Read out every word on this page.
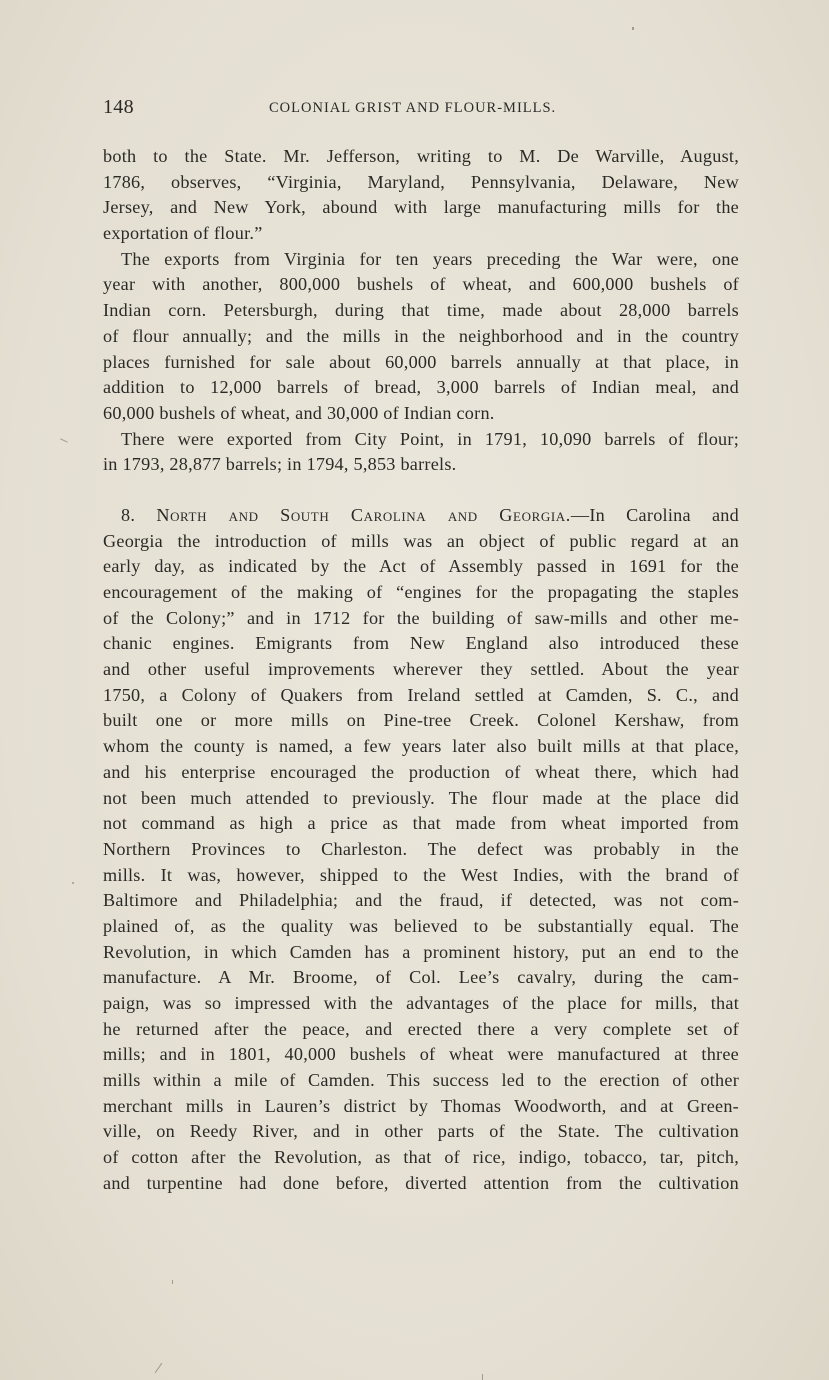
148	COLONIAL GRIST AND FLOUR-MILLS.
both to the State. Mr. Jefferson, writing to M. De Warville, August,
1786, observes, “Virginia, Maryland, Pennsylvania, Delaware, New
Jersey, and New York, abound with large manufacturing mills for the
exportation of flour.”
The exports from Virginia for ten years preceding the War were, one
year with another, 800,000 bushels of wheat, and 600,000 bushels of
Indian corn. Petersburgh, during that time, made about 28,000 barrels
of flour annually; and the mills in the neighborhood and in the country
places furnished for sale about 60,000 barrels annually at that place, in
addition to 12,000 barrels of bread, 3,000 barrels of Indian meal, and
60,000 bushels of wheat, and 30,000 of Indian corn.
There were exported from City Point, in 1791, 10,090 barrels of flour;
in 1793, 28,877 barrels; in 1794, 5,853 barrels.
8. North and South Carolina and Georgia.—In Carolina and
Georgia the introduction of mills was an object of public regard at an
early day, as indicated by the Act of Assembly passed in 1691 for the
encouragement of the making of “engines for the propagating the staples
of the Colony;” and in 1712 for the building of saw-mills and other me-
chanic engines. Emigrants from New England also introduced these
and other useful improvements wherever they settled. About the year
1750, a Colony of Quakers from Ireland settled at Camden, S. C., and
built one or more mills on Pine-tree Creek. Colonel Kershaw, from
whom the county is named, a few years later also built mills at that place,
and his enterprise encouraged the production of wheat there, which had
not been much attended to previously. The flour made at the place did
not command as high a price as that made from wheat imported from
Northern Provinces to Charleston. The defect was probably in the
mills. It was, however, shipped to the West Indies, with the brand of
Baltimore and Philadelphia; and the fraud, if detected, was not com-
plained of, as the quality was believed to be substantially equal. The
Revolution, in which Camden has a prominent history, put an end to the
manufacture. A Mr. Broome, of Col. Lee’s cavalry, during the cam-
paign, was so impressed with the advantages of the place for mills, that
he returned after the peace, and erected there a very complete set of
mills; and in 1801, 40,000 bushels of wheat were manufactured at three
mills within a mile of Camden. This success led to the erection of other
merchant mills in Lauren’s district by Thomas Woodworth, and at Green-
ville, on Reedy River, and in other parts of the State. The cultivation
of cotton after the Revolution, as that of rice, indigo, tobacco, tar, pitch,
and turpentine had done before, diverted attention from the cultivation
